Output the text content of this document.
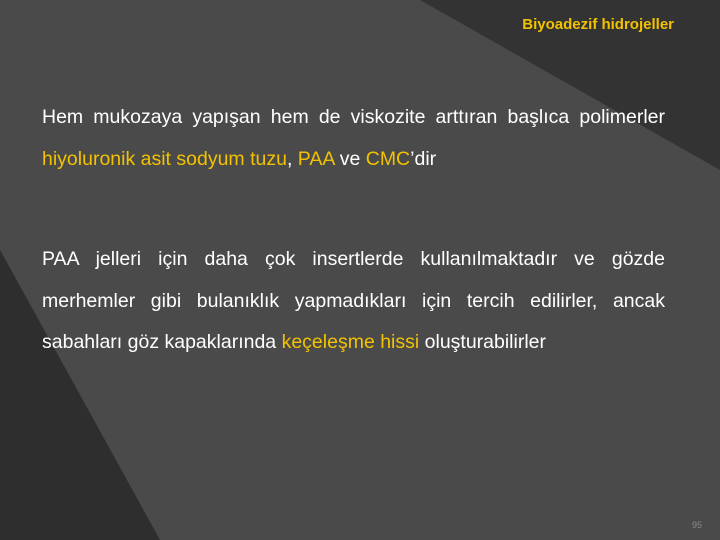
Biyoadezif hidrojeller
Hem mukozaya yapışan hem de viskozite arttıran başlıca polimerler hiyoluronik asit sodyum tuzu, PAA ve CMC’dir
PAA jelleri için daha çok insertlerde kullanılmaktadır ve gözde merhemler gibi bulanıklık yapmadıkları için tercih edilirler, ancak sabahları göz kapaklarında keçeleşme hissi oluşturabilirler
95
